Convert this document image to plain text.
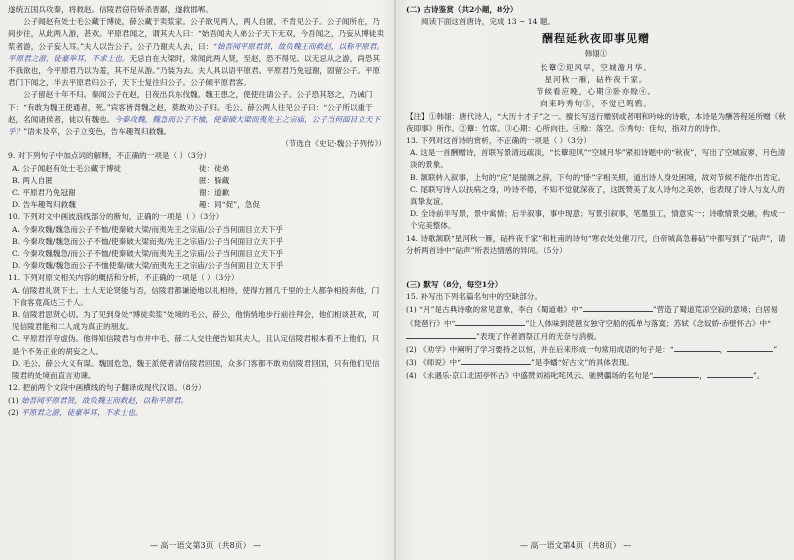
遂统五国兵攻秦，将救赵。信陵君窃符矫杀晋鄙，遂救邯郸。

公子闻赵有处士毛公藏于博徒，薛公藏于卖浆家。公子欲见两人，两人自匿，不肯见公子。公子闻所在，乃间步往，从此两人游，甚欢。平原君闻之，谓其夫人曰：“始吾闻夫人弟公子天下无双，今吾闻之，乃妄从博徒卖浆者游，公子妄人耳。”夫人以告公子。公子乃谢夫人去，曰：“始吾闻平原君贤，故负魏王而救赵，以称平原君。平原君之游，徒豪举耳，不求士也。无忌自在大梁时，常闻此两人贤，至赵，恐不得见。以无忌从之游，尚恐其不我欲也，今平原君乃以为羞，其不足从游。”乃装为去。夫人具以语平原君。平原君乃免冠谢，固留公子。平原君门下闻之，半去平原君归公子，天下士复往归公子。公子倾平原君客。

公子留赵十年不归。秦闻公子在赵，日夜出兵东伐魏。魏王患之，使使往请公子。公子恐其怒之，乃诫门下：“有敢为魏王使通者，死。”宾客皆背魏之赵，莫敢劝公子归。毛公、薛公两人往见公子曰：“公子所以重于赵，名闻诸侯者，徒以有魏也。今秦攻魏，魏急而公子不恤，使秦破大梁而夷先王之宗庙，公子当何面目立天下乎？”语未及卒，公子立变色，告车趣驾归救魏。

（节选自《史记·魏公子列传》）

9. 对下列句子中加点词的解释，不正确的一项是（ ）（3分）

A. 公子闻赵有处士毛公藏于博徒	徒：徒弟
B. 两人自匿	匿：躲藏
C. 平原君乃免冠谢	谢：道歉
D. 告车趣驾归救魏	趣：同“促”，急促

10. 下列对文中画波浪线部分的断句，正确的一项是（ ）（3分）

A. 今秦攻魏/魏急而公子不恤/使秦破大梁/而夷先王之宗庙/公子当何面目立天下乎

B. 今秦攻魏/魏急而公子不恤/使秦破大梁而夷/先王之宗庙/公子当何面目立天下乎

C. 今秦攻魏魏急/而公子不恤/使秦破大梁/而夷先王之宗庙/公子当何面目立天下乎

D. 今秦攻魏/魏急而公子不恤使秦/破大梁/而夷先王之宗庙/公子当何面目立天下乎

11. 下列对原文相关内容的概括和分析，不正确的一项是（ ）（3分）

A. 信陵君礼贤下士。士人无论贤能与否，信陵君都谦逊地以礼相待，使得方圆几千里的士人都争相投奔他，门下食客竟高达三千人。

B. 信陵君思贤心切。为了见到身处“博徒卖浆”处境的毛公、薛公，他悄悄地步行前往拜会，他们相谈甚欢，可见信陵君能和二人成为真正的朋友。

C. 平原君浮夸虚伪。他得知信陵君与市井中毛、薛二人交往便告知其夫人，且认定信陵君根本看不上他们，只是个不务正业的胡妄之人。

D. 毛公、薛公大义有谋。魏国危急，魏王派使者请信陵君回国，众多门客都不敢劝信陵君回国，只有他们见信陵君的处境而直言劝谏。

12. 把前两个文段中画横线的句子翻译成现代汉语。（8分）

(1) 始吾闻平原君贤，故负魏王而救赵，以称平原君。

(2) 平原君之游，徒豪举耳，不求士也。

— 高一语文第3页（共8页） —

(二) 古诗鉴赏（共2小题，8分）

阅读下面这首唐诗，完成 13 ~ 14 题。

酬程延秋夜即事见赠
韩翃①
长簟②迎风早，空城澹月华。
星河秋一雁，砧杵夜千家。
节候看应晚，心期③卧亦赊④。
向来吟秀句⑤，不觉已鸣鸦。

【注】①韩翃：唐代诗人，“大历十才子”之一。擅长写送行赠别或者唱和吟咏的诗歌，本诗是为酬答程延所赠《秋夜即事》所作。②簟：竹席。③心期：心所向往。④赊：落空。⑤秀句：佳句，指对方的诗作。

13. 下列对这首诗的赏析，不正确的一项是（ ）（3分）

A. 这是一首酬赠诗，首联写景清远疏淡，“长簟迎风”“空城月华”紧扣诗题中的“秋夜”，写出了空城寂寥，月色清淡的景象。

B. 颔联转入叙事，上句的“应”是揣测之辞，下句的“卧”字相关照，道出诗人身处困境，故对节候不能作出肯定。

C. 尾联写诗人以扶病之身，吟诗不倦，不知不觉就深夜了，这既赞美了友人诗句之美妙，也表现了诗人与友人的真挚友谊。

D. 全诗前半写景，景中寓情；后半叙事，事中现意；写景引叙事，笔墨虽工，情意实一；诗歌情景交融，构成一个完美整体。

14. 诗歌颔联“星河秋一雁，砧杵夜千家”和杜甫的诗句“寒衣处处催刀尺，白帝城高急暮砧”中都写到了“砧声”，请分析两首诗中“砧声”所表达情感的异同。（5分）

(三) 默写（8分，每空1分）

15. 补写出下列名篇名句中的空缺部分。

(1) “月”是古典诗歌的常见意象，李白《蜀道难》中“	”营造了蜀道荒凉空寂的意境；白居易《琵琶行》中“	”让人体味到琵琶女独守空船的孤单与落寞；苏轼《念奴娇·赤壁怀古》中“”表现了作者酒祭江月的无奈与消极。

(2) 《劝学》中阐明了学习要持之以恒，并在后来形成一句常用成语的句子是：“	，	”

(3) 《师说》中“	”是李蟠“好古文”的具体表现。

(4) 《永遇乐·京口北固亭怀古》中盛赞刘裕叱咤风云、驰骋疆场的名句是“	，	”。

— 高一语文第4页（共8页） —
